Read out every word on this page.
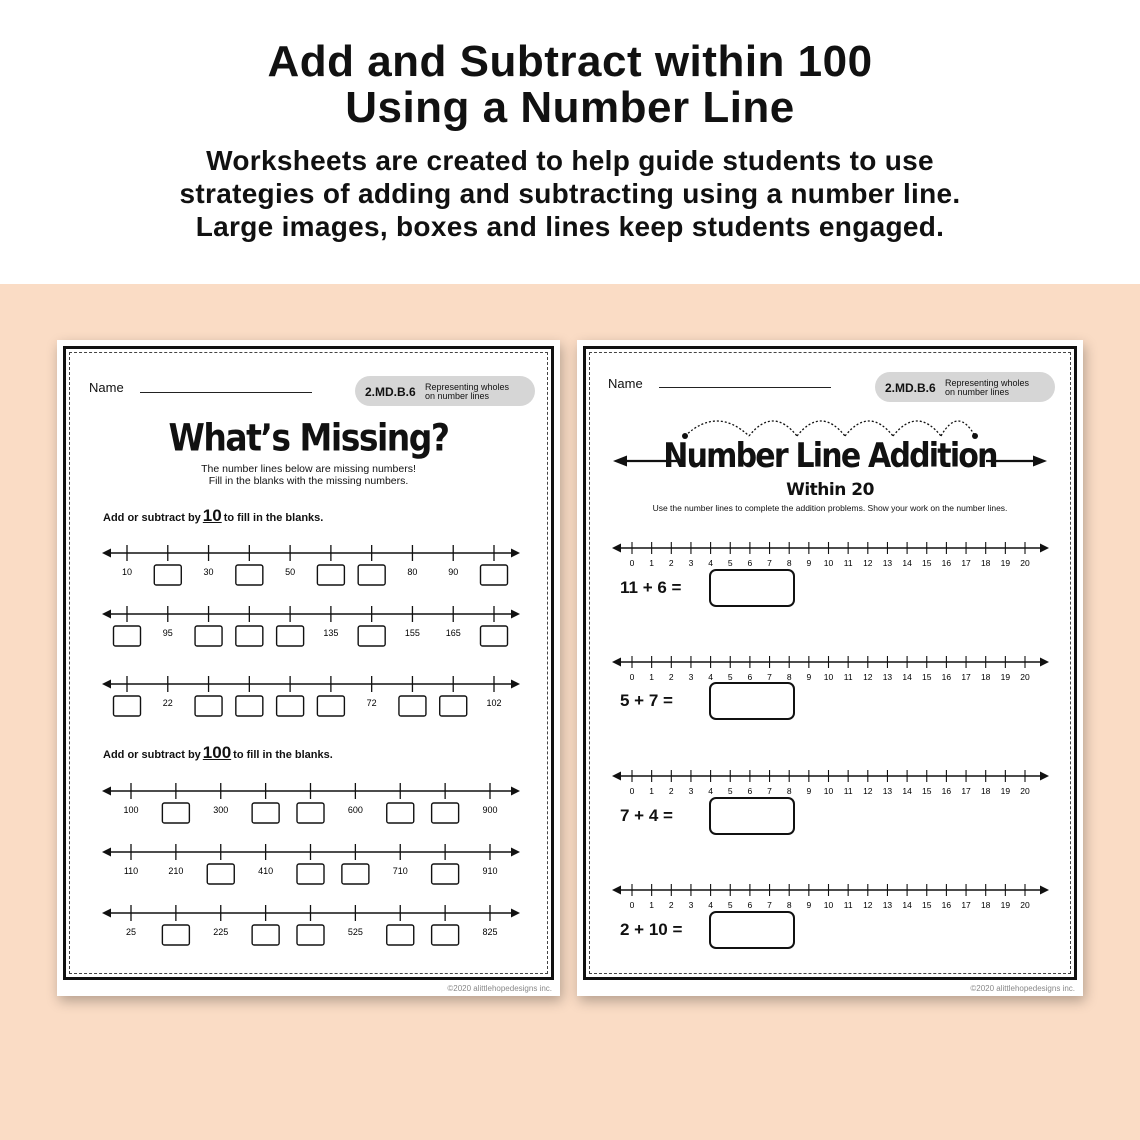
Add and Subtract within 100
Using a Number Line
Worksheets are created to help guide students to use
strategies of adding and subtracting using a number line.
Large images, boxes and lines keep students engaged.
Name	2.MD.B.6 Representing wholes
on number lines
What’s Missing?
The number lines below are missing numbers!
Fill in the blanks with the missing numbers.
Add or subtract by 10 to fill in the blanks.
Add or subtract by 100 to fill in the blanks.
10	30	50	80	90
95	135	155	165
22	72	102
100	300	600	900
110	210	410	710	910
25	225	525	825
©2020 alittlehopedesigns inc.
Name	2.MD.B.6 Representing wholes
on number lines
0 1 2 3 4 5 6 7 8 9 10 11 12 13 14 15 16 17 18 19 20
0 1 2 3 4 5 6 7 8 9 10 11 12 13 14 15 16 17 18 19 20
0 1 2 3 4 5 6 7 8 9 10 11 12 13 14 15 16 17 18 19 20
0 1 2 3 4 5 6 7 8 9 10 11 12 13 14 15 16 17 18 19 20
Number Line Addition
Within 20
Use the number lines to complete the addition problems. Show your work on the number lines.
©2020 alittlehopedesigns inc.
11 + 6 =
5 + 7 =
7 + 4 =
2 + 10 =
